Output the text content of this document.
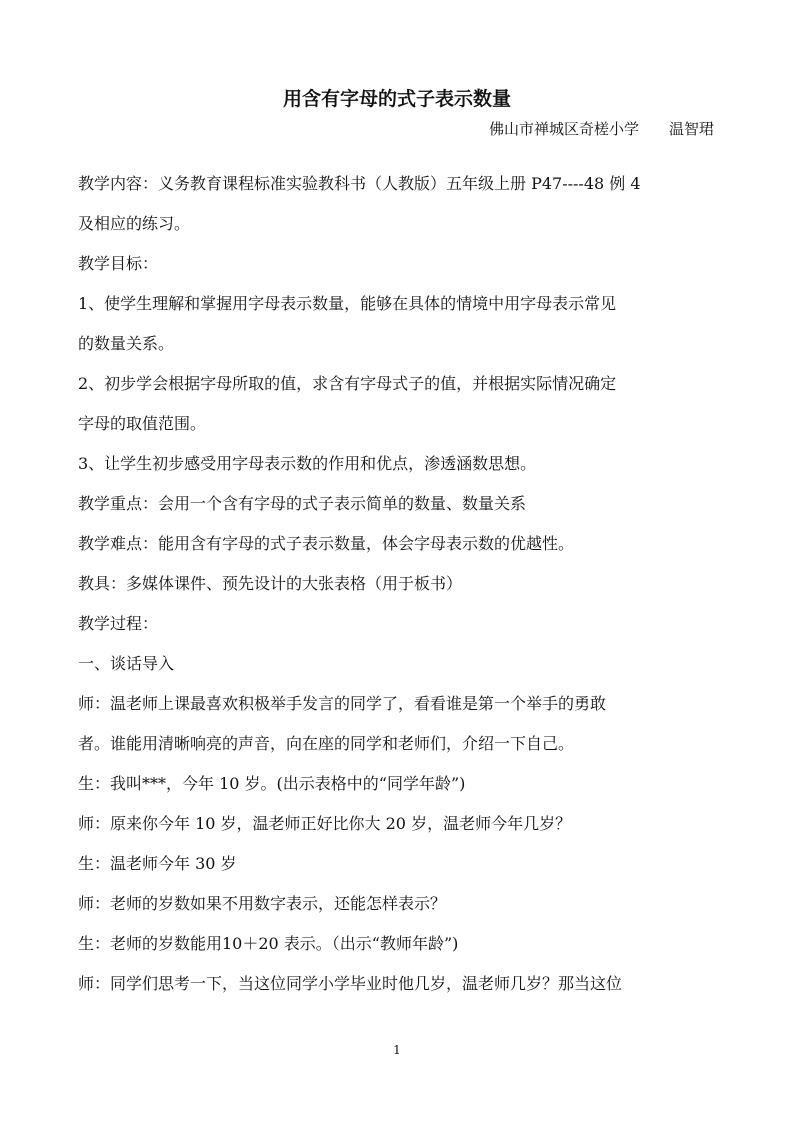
用含有字母的式子表示数量
佛山市禅城区奇槎小学　　温智珺
教学内容：义务教育课程标准实验教科书（人教版）五年级上册 P47----48 例 4
及相应的练习。
教学目标：
1、使学生理解和掌握用字母表示数量，能够在具体的情境中用字母表示常见
的数量关系。
2、初步学会根据字母所取的值，求含有字母式子的值，并根据实际情况确定
字母的取值范围。
3、让学生初步感受用字母表示数的作用和优点，渗透涵数思想。
教学重点：会用一个含有字母的式子表示简单的数量、数量关系
教学难点：能用含有字母的式子表示数量，体会字母表示数的优越性。
教具：多媒体课件、预先设计的大张表格（用于板书）
教学过程：
一、谈话导入
师：温老师上课最喜欢积极举手发言的同学了，看看谁是第一个举手的勇敢
者。谁能用清晰响亮的声音，向在座的同学和老师们，介绍一下自己。
生：我叫***，今年 10 岁。(出示表格中的“同学年龄”)
师：原来你今年 10 岁，温老师正好比你大 20 岁，温老师今年几岁？
生：温老师今年 30 岁
师：老师的岁数如果不用数字表示，还能怎样表示？
生：老师的岁数能用10＋20 表示。（出示“教师年龄”)
师：同学们思考一下，当这位同学小学毕业时他几岁，温老师几岁？那当这位
1
